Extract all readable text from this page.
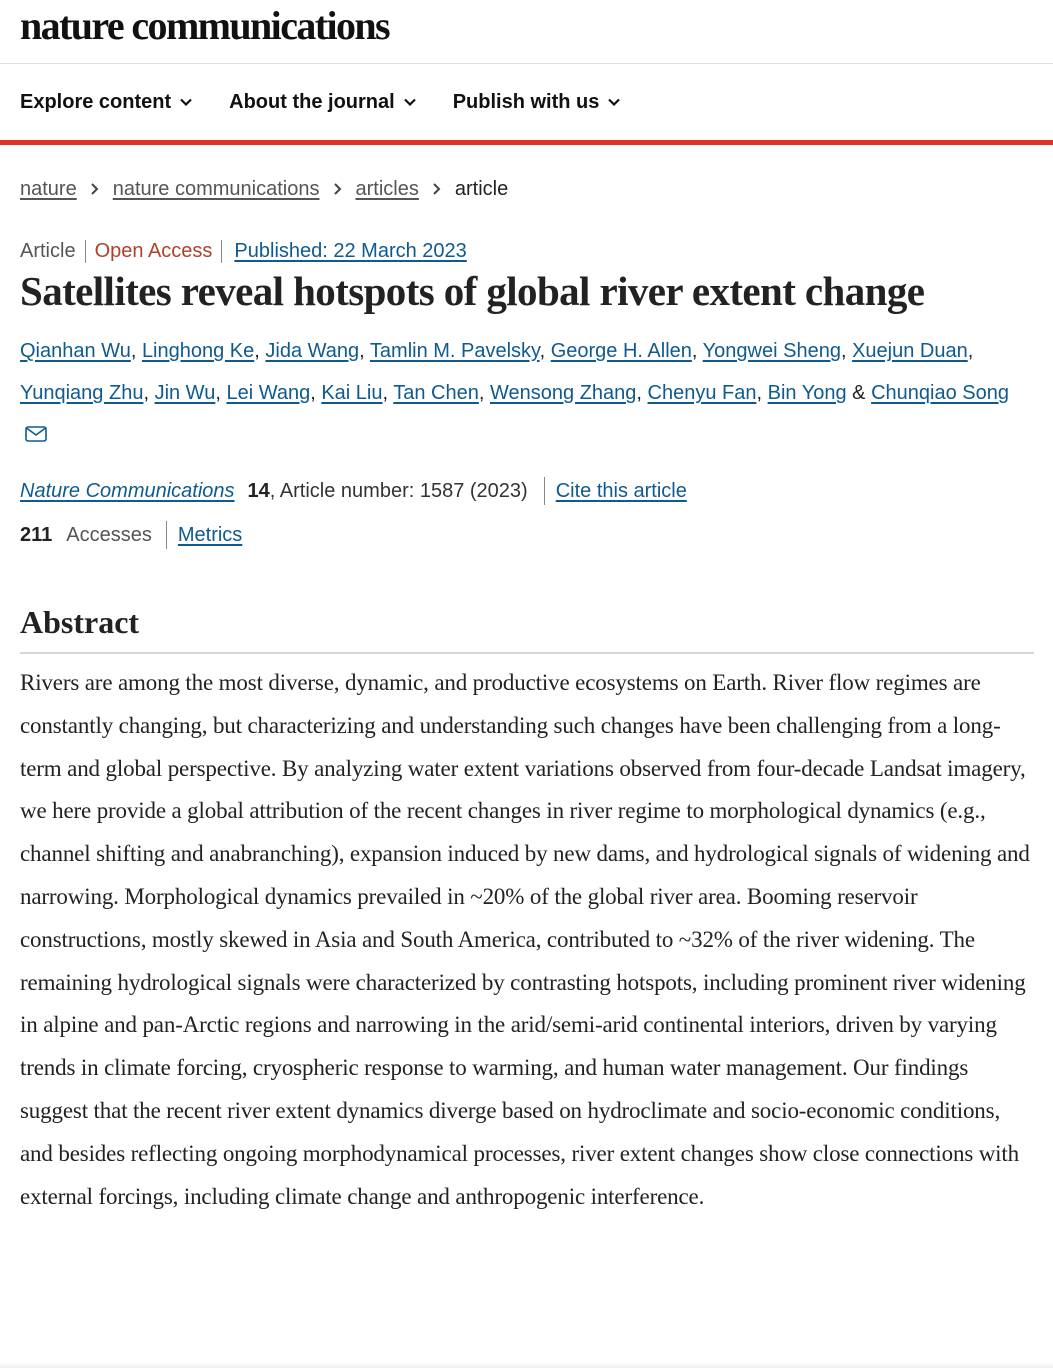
nature communications
Explore content	About the journal	Publish with us
nature nature communications articles article
Article Open Access	Published: 22 March 2023
Satellites reveal hotspots of global river extent change
Qianhan Wu, Linghong Ke, Jida Wang, Tamlin M. Pavelsky, George H. Allen, Yongwei Sheng, Xuejun Duan, Yunqiang Zhu, Jin Wu, Lei Wang, Kai Liu, Tan Chen, Wensong Zhang, Chenyu Fan, Bin Yong & Chunqiao Song
Nature Communications 14 , Article number: 1587 (2023) Cite this article
211 Accesses Metrics
Abstract

Rivers are among the most diverse, dynamic, and productive ecosystems on Earth. River flow regimes are constantly changing, but characterizing and understanding such changes have been challenging from a long-term and global perspective. By analyzing water extent variations observed from four-decade Landsat imagery, we here provide a global attribution of the recent changes in river regime to morphological dynamics (e.g., channel shifting and anabranching), expansion induced by new dams, and hydrological signals of widening and narrowing. Morphological dynamics prevailed in ~20% of the global river area. Booming reservoir constructions, mostly skewed in Asia and South America, contributed to ~32% of the river widening. The remaining hydrological signals were characterized by contrasting hotspots, including prominent river widening in alpine and pan-Arctic regions and narrowing in the arid/semi-arid continental interiors, driven by varying trends in climate forcing, cryospheric response to warming, and human water management. Our findings suggest that the recent river extent dynamics diverge based on hydroclimate and socio-economic conditions, and besides reflecting ongoing morphodynamical processes, river extent changes show close connections with external forcings, including climate change and anthropogenic interference.
